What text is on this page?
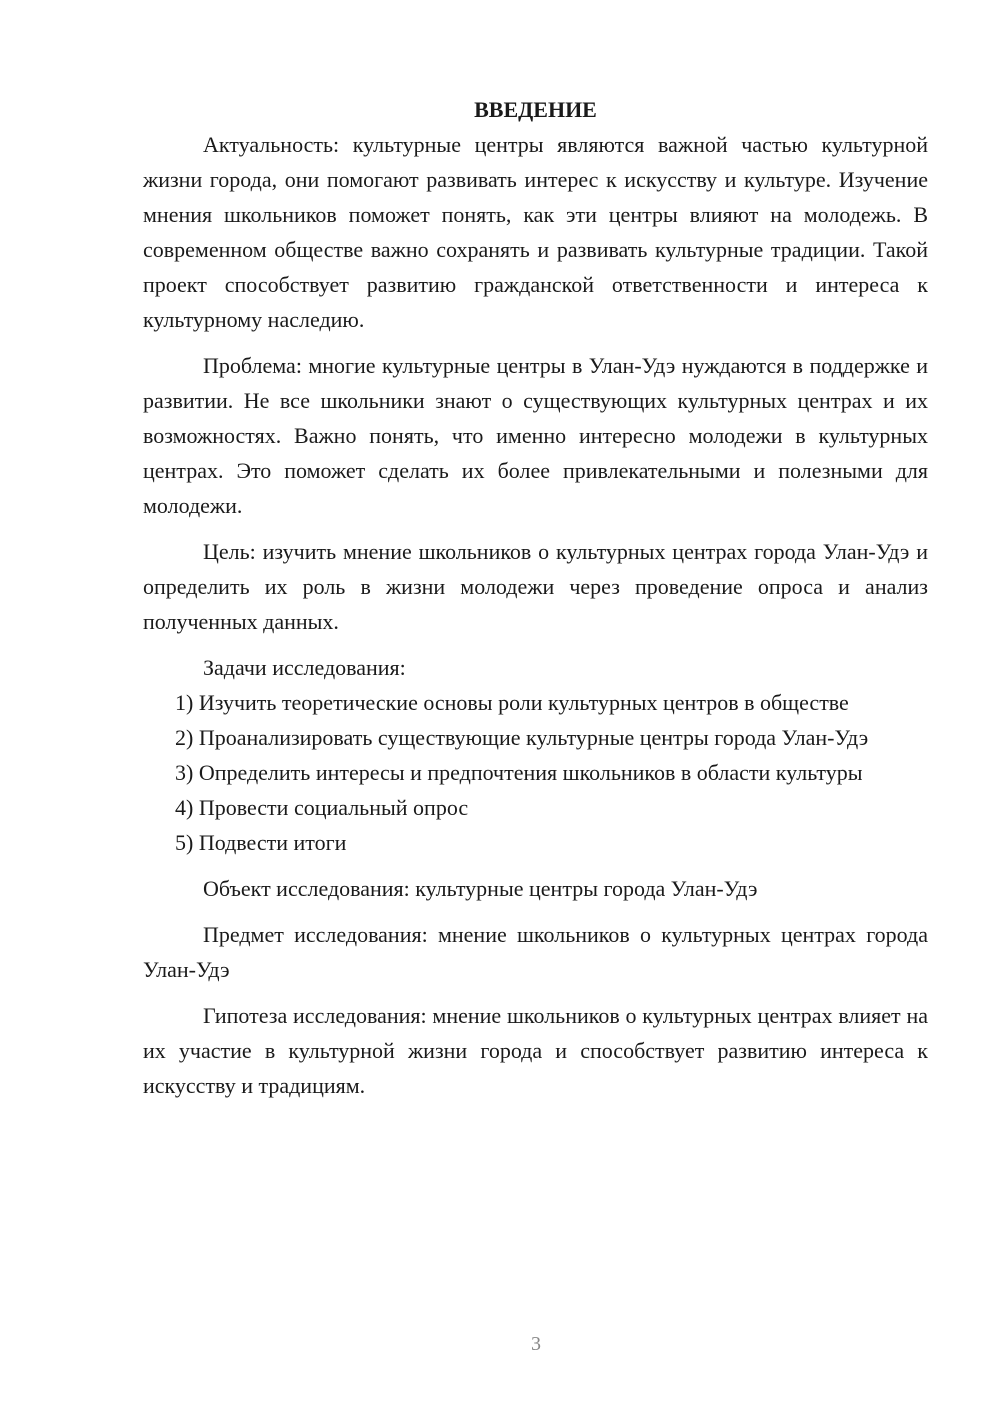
ВВЕДЕНИЕ

Актуальность: культурные центры являются важной частью культурной жизни города, они помогают развивать интерес к искусству и культуре. Изучение мнения школьников поможет понять, как эти центры влияют на молодежь. В современном обществе важно сохранять и развивать культурные традиции. Такой проект способствует развитию гражданской ответственности и интереса к культурному наследию.

Проблема: многие культурные центры в Улан-Удэ нуждаются в поддержке и развитии. Не все школьники знают о существующих культурных центрах и их возможностях. Важно понять, что именно интересно молодежи в культурных центрах. Это поможет сделать их более привлекательными и полезными для молодежи.

Цель: изучить мнение школьников о культурных центрах города Улан-Удэ и определить их роль в жизни молодежи через проведение опроса и анализ полученных данных.

Задачи исследования:

1) Изучить теоретические основы роли культурных центров в обществе

2) Проанализировать существующие культурные центры города Улан-Удэ

3) Определить интересы и предпочтения школьников в области культуры

4) Провести социальный опрос

5) Подвести итоги

Объект исследования: культурные центры города Улан-Удэ

Предмет исследования: мнение школьников о культурных центрах города Улан-Удэ

Гипотеза исследования: мнение школьников о культурных центрах влияет на их участие в культурной жизни города и способствует развитию интереса к искусству и традициям.

3
